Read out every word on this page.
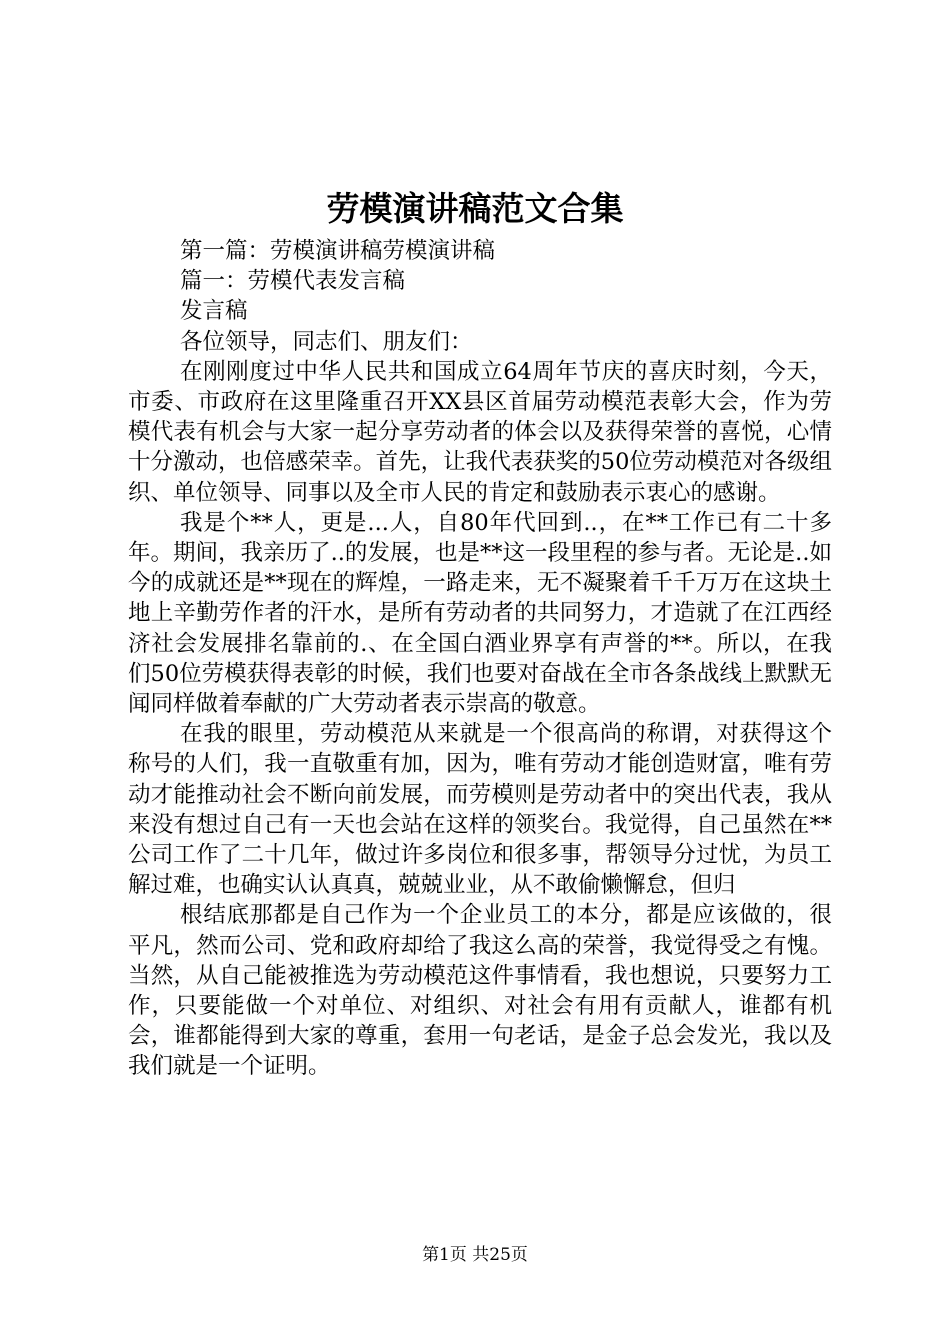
劳模演讲稿范文合集

第一篇：劳模演讲稿劳模演讲稿

篇一：劳模代表发言稿

发言稿

各位领导，同志们、朋友们：

在刚刚度过中华人民共和国成立64周年节庆的喜庆时刻，今天，市委、市政府在这里隆重召开XX县区首届劳动模范表彰大会，作为劳模代表有机会与大家一起分享劳动者的体会以及获得荣誉的喜悦，心情十分激动，也倍感荣幸。首先，让我代表获奖的50位劳动模范对各级组织、单位领导、同事以及全市人民的肯定和鼓励表示衷心的感谢。

我是个**人，更是...人，自80年代回到..，在**工作已有二十多年。期间，我亲历了..的发展，也是**这一段里程的参与者。无论是..如今的成就还是**现在的辉煌，一路走来，无不凝聚着千千万万在这块土地上辛勤劳作者的汗水，是所有劳动者的共同努力，才造就了在江西经济社会发展排名靠前的.、在全国白酒业界享有声誉的**。所以，在我们50位劳模获得表彰的时候，我们也要对奋战在全市各条战线上默默无闻同样做着奉献的广大劳动者表示崇高的敬意。

在我的眼里，劳动模范从来就是一个很高尚的称谓，对获得这个称号的人们，我一直敬重有加，因为，唯有劳动才能创造财富，唯有劳动才能推动社会不断向前发展，而劳模则是劳动者中的突出代表，我从来没有想过自己有一天也会站在这样的领奖台。我觉得，自己虽然在**公司工作了二十几年，做过许多岗位和很多事，帮领导分过忧，为员工解过难，也确实认认真真，兢兢业业，从不敢偷懒懈怠，但归

根结底那都是自己作为一个企业员工的本分，都是应该做的，很平凡，然而公司、党和政府却给了我这么高的荣誉，我觉得受之有愧。当然，从自己能被推选为劳动模范这件事情看，我也想说，只要努力工作，只要能做一个对单位、对组织、对社会有用有贡献人，谁都有机会，谁都能得到大家的尊重，套用一句老话，是金子总会发光，我以及我们就是一个证明。

第1页 共25页
